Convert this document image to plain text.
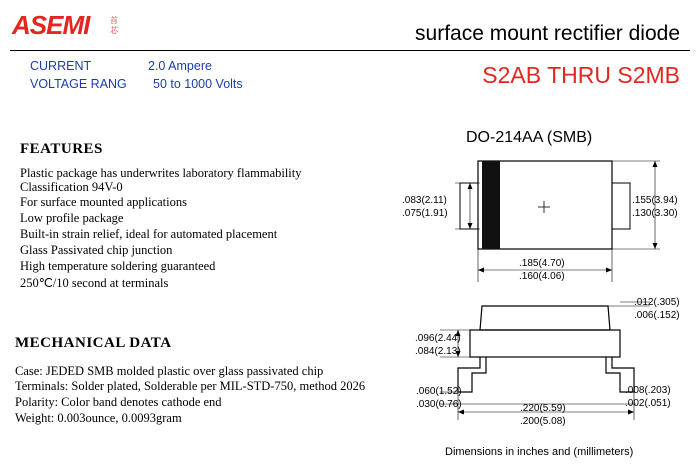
ASEMI	首
芯	surface mount rectifier diode
CURRENT	2.0 Ampere
VOLTAGE RANG 50 to 1000 Volts	S2AB THRU S2MB
FEATURES
Plastic package has underwrites laboratory flammability
Classification 94V-0
For surface mounted applications
Low profile package
Built-in strain relief, ideal for automated placement
Glass Passivated chip junction
High temperature soldering guaranteed
250℃/10 second at terminals
MECHANICAL DATA
Case: JEDED SMB molded plastic over glass passivated chip
Terminals: Solder plated, Solderable per MIL-STD-750, method 2026
Polarity: Color band denotes cathode end
Weight: 0.003ounce, 0.0093gram
DO-214AA (SMB)
.083(2.11)
.075(1.91)
.155(3.94)
.130(3.30)
.185(4.70)
.160(4.06)
.012(.305)
.006(.152)
.096(2.44)
.084(2.13)
.060(1.52)
.030(0.76)
.008(.203)
.002(.051)
.220(5.59)
.200(5.08)
Dimensions in inches and (millimeters)
